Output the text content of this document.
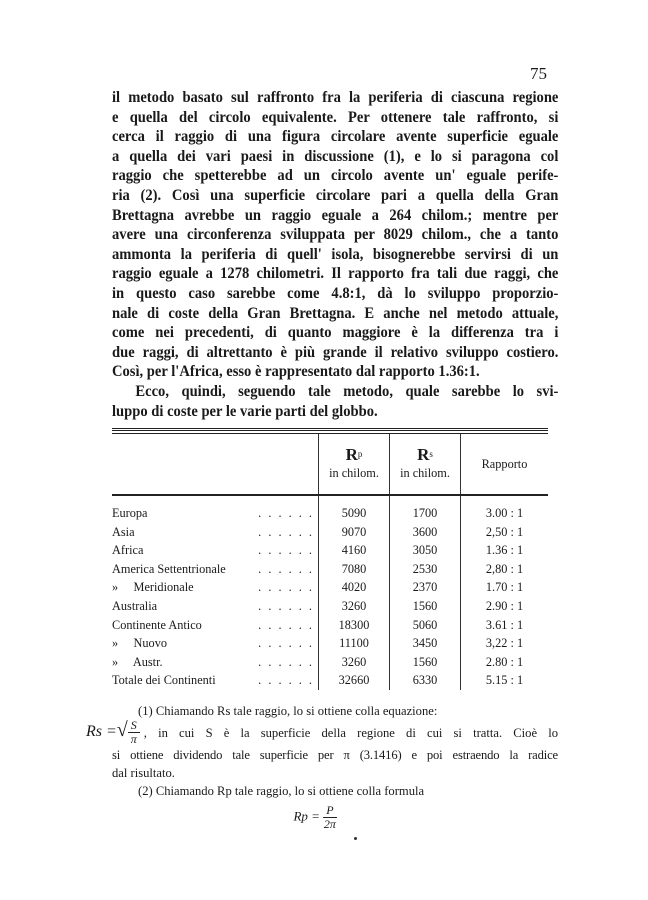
75
il metodo basato sul raffronto fra la periferia di ciascuna regione
e quella del circolo equivalente. Per ottenere tale raffronto, si
cerca il raggio di una figura circolare avente superficie eguale
a quella dei vari paesi in discussione (1), e lo si paragona col
raggio che spetterebbe ad un circolo avente un' eguale perife-
ria (2). Così una superficie circolare pari a quella della Gran
Brettagna avrebbe un raggio eguale a 264 chilom.; mentre per
avere una circonferenza sviluppata per 8029 chilom., che a tanto
ammonta la periferia di quell' isola, bisognerebbe servirsi di un
raggio eguale a 1278 chilometri. Il rapporto fra tali due raggi, che
in questo caso sarebbe come 4.8:1, dà lo sviluppo proporzio-
nale di coste della Gran Brettagna. E anche nel metodo attuale,
come nei precedenti, di quanto maggiore è la differenza tra i
due raggi, di altrettanto è più grande il relativo sviluppo costiero.
Così, per l'Africa, esso è rappresentato dal rapporto 1.36:1.
Ecco, quindi, seguendo tale metodo, quale sarebbe lo svi-
luppo di coste per le varie parti del globbo.
	$R^p$
in chilom.	$R^s$
in chilom.	Rapporto

Europa . . . . . .	5090	1700	3.00 : 1

Asia . . . . . .	9070	3600	2,50 : 1

Africa . . . . . .	4160	3050	1.36 : 1

America Settentrionale . . . . . .	7080	2530	2,80 : 1

»     Meridionale . . . . . .	4020	2370	1.70 : 1

Australia . . . . . .	3260	1560	2.90 : 1

Continente Antico . . . . . .	18300	5060	3.61 : 1

»     Nuovo . . . . . .	11100	3450	3,22 : 1

»     Austr. . . . . . .	3260	1560	2.80 : 1

Totale dei Continenti . . . . . .	32660	6330	5.15 : 1
(1) Chiamando Rs tale raggio, lo si ottiene colla equazione:
Rs =√ $\frac{S}{\pi}$ , in cui S è la superficie della regione di cui si tratta. Cioè lo
si ottiene dividendo tale superficie per π (3.1416) e poi estraendo la radice
dal risultato.
(2) Chiamando Rp tale raggio, lo si ottiene colla formula
$Rp = \frac{P}{2\pi}$
